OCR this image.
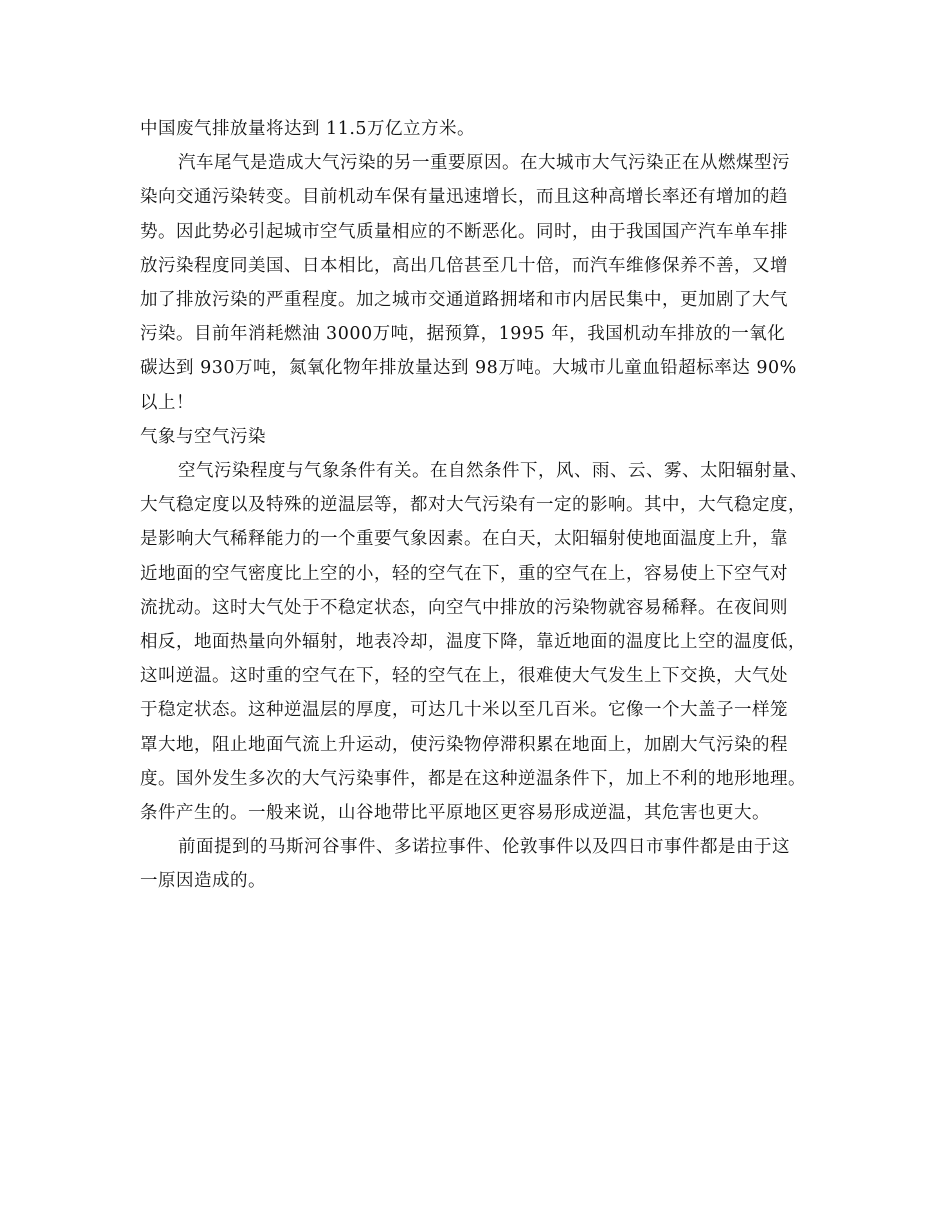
中国废气排放量将达到 11.5万亿立方米。
汽车尾气是造成大气污染的另一重要原因。在大城市大气污染正在从燃煤型污
染向交通污染转变。目前机动车保有量迅速增长，而且这种高增长率还有增加的趋
势。因此势必引起城市空气质量相应的不断恶化。同时，由于我国国产汽车单车排
放污染程度同美国、日本相比，高出几倍甚至几十倍，而汽车维修保养不善，又增
加了排放污染的严重程度。加之城市交通道路拥堵和市内居民集中，更加剧了大气
污染。目前年消耗燃油 3000万吨，据预算，1995 年，我国机动车排放的一氧化
碳达到 930万吨，氮氧化物年排放量达到 98万吨。大城市儿童血铅超标率达 90%
以上！
气象与空气污染
空气污染程度与气象条件有关。在自然条件下，风、雨、云、雾、太阳辐射量、
大气稳定度以及特殊的逆温层等，都对大气污染有一定的影响。其中，大气稳定度，
是影响大气稀释能力的一个重要气象因素。在白天，太阳辐射使地面温度上升，靠
近地面的空气密度比上空的小，轻的空气在下，重的空气在上，容易使上下空气对
流扰动。这时大气处于不稳定状态，向空气中排放的污染物就容易稀释。在夜间则
相反，地面热量向外辐射，地表冷却，温度下降，靠近地面的温度比上空的温度低，
这叫逆温。这时重的空气在下，轻的空气在上，很难使大气发生上下交换，大气处
于稳定状态。这种逆温层的厚度，可达几十米以至几百米。它像一个大盖子一样笼
罩大地，阻止地面气流上升运动，使污染物停滞积累在地面上，加剧大气污染的程
度。国外发生多次的大气污染事件，都是在这种逆温条件下，加上不利的地形地理。
条件产生的。一般来说，山谷地带比平原地区更容易形成逆温，其危害也更大。
前面提到的马斯河谷事件、多诺拉事件、伦敦事件以及四日市事件都是由于这
一原因造成的。
